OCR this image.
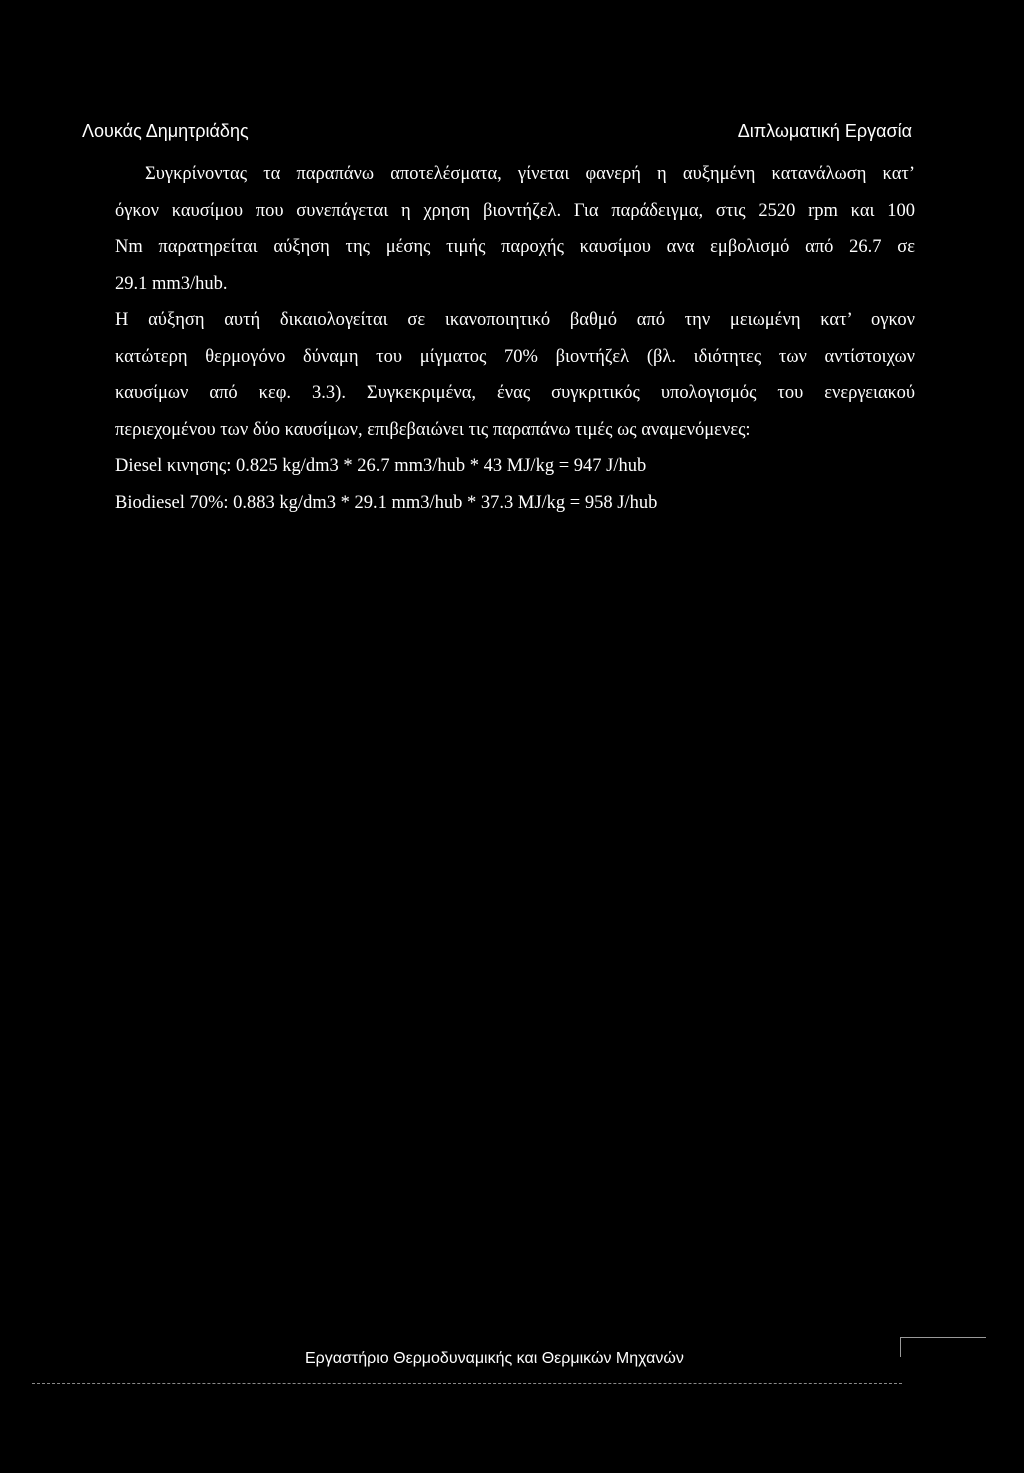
Λουκάς Δημητριάδης	Διπλωματική Εργασία
Συγκρίνοντας τα παραπάνω αποτελέσματα, γίνεται φανερή η αυξημένη κατανάλωση κατ’
όγκον καυσίμου που συνεπάγεται η χρηση βιοντήζελ. Για παράδειγμα, στις 2520 rpm και 100
Nm παρατηρείται αύξηση της μέσης τιμής παροχής καυσίμου ανα εμβολισμό από 26.7 σε
29.1 mm3/hub.
Η αύξηση αυτή δικαιολογείται σε ικανοποιητικό βαθμό από την μειωμένη κατ’ ογκον
κατώτερη θερμογόνο δύναμη του μίγματος 70% βιοντήζελ (βλ. ιδιότητες των αντίστοιχων
καυσίμων από κεφ. 3.3). Συγκεκριμένα, ένας συγκριτικός υπολογισμός του ενεργειακού
περιεχομένου των δύο καυσίμων, επιβεβαιώνει τις παραπάνω τιμές ως αναμενόμενες:
Diesel κινησης: 0.825 kg/dm3 * 26.7 mm3/hub * 43 MJ/kg = 947 J/hub
Biodiesel 70%: 0.883 kg/dm3 * 29.1 mm3/hub * 37.3 MJ/kg = 958 J/hub
Εργαστήριο Θερμοδυναμικής και Θερμικών Μηχανών
